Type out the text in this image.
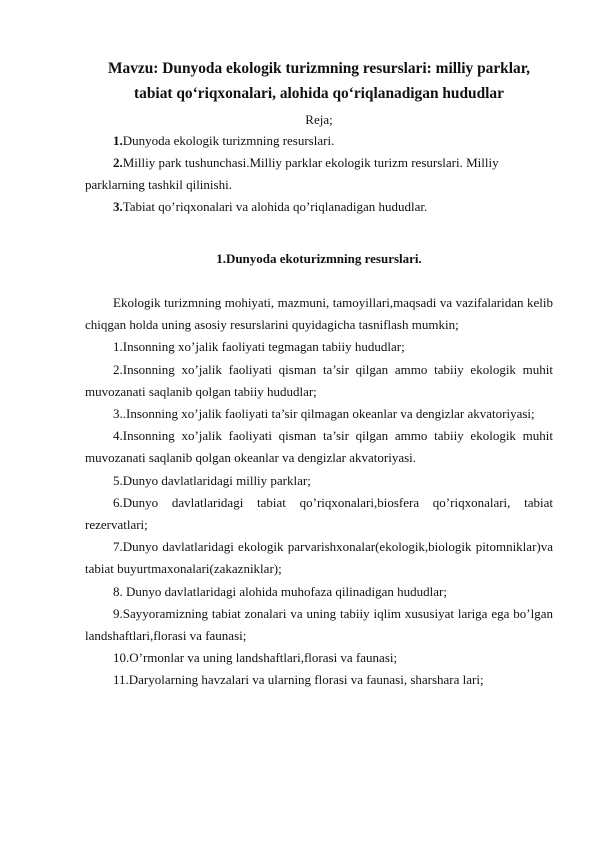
Mavzu: Dunyoda ekologik turizmning resurslari: milliy parklar,
tabiat qo‘riqxonalari, alohida qo‘riqlanadigan hududlar
Reja;

1.Dunyoda ekologik turizmning resurslari.

2.Milliy park tushunchasi.Milliy parklar ekologik turizm resurslari. Milliy parklarning tashkil qilinishi.

3.Tabiat qo’riqxonalari va alohida qo’riqlanadigan hududlar.

1.Dunyoda ekoturizmning resurslari.

Ekologik turizmning mohiyati, mazmuni, tamoyillari,maqsadi va vazifalaridan kelib chiqgan holda uning asosiy resurslarini quyidagicha tasniflash mumkin;

1.Insonning xo’jalik faoliyati tegmagan tabiiy hududlar;

2.Insonning xo’jalik faoliyati qisman ta’sir qilgan ammo tabiiy ekologik muhit muvozanati saqlanib qolgan tabiiy hududlar;

3..Insonning xo’jalik faoliyati ta’sir qilmagan okeanlar va dengizlar akvatoriyasi;

4.Insonning xo’jalik faoliyati qisman ta’sir qilgan ammo tabiiy ekologik muhit muvozanati saqlanib qolgan okeanlar va dengizlar akvatoriyasi.

5.Dunyo davlatlaridagi milliy parklar;

6.Dunyo davlatlaridagi tabiat qo’riqxonalari,biosfera qo’riqxonalari, tabiat rezervatlari;

7.Dunyo davlatlaridagi ekologik parvarishxonalar(ekologik,biologik pitomniklar)va tabiat buyurtmaxonalari(zakazniklar);

8. Dunyo davlatlaridagi alohida muhofaza qilinadigan hududlar;

9.Sayyoramizning tabiat zonalari va uning tabiiy iqlim xususiyat lariga ega bo’lgan landshaftlari,florasi va faunasi;

10.O’rmonlar va uning landshaftlari,florasi va faunasi;

11.Daryolarning havzalari va ularning florasi va faunasi, sharshara lari;
